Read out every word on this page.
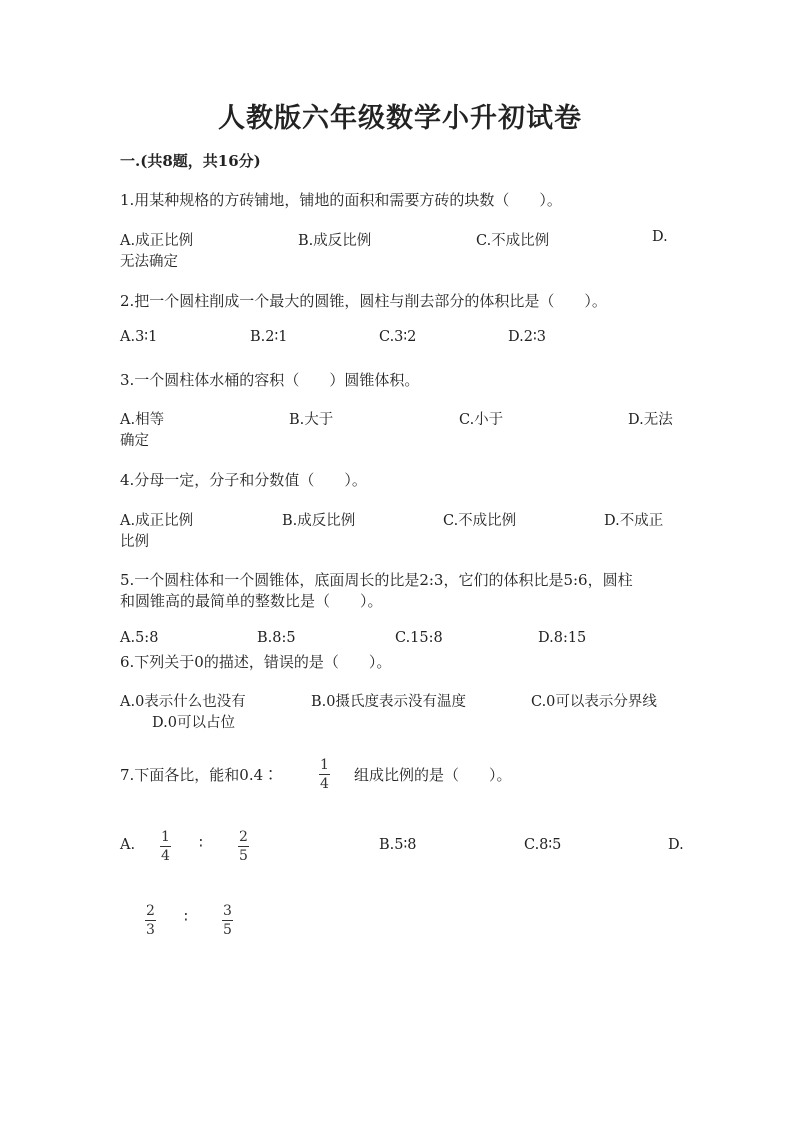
人教版六年级数学小升初试卷
一.(共8题，共16分)
1.用某种规格的方砖铺地，铺地的面积和需要方砖的块数（　　）。
A.成正比例	B.成反比例	C.不成比例	D.
无法确定
2.把一个圆柱削成一个最大的圆锥，圆柱与削去部分的体积比是（　　）。
A.3∶1	B.2∶1	C.3∶2	D.2∶3
3.一个圆柱体水桶的容积（　　）圆锥体积。
A.相等	B.大于	C.小于	D.无法
确定
4.分母一定，分子和分数值（　　）。
A.成正比例	B.成反比例	C.不成比例	D.不成正
比例
5.一个圆柱体和一个圆锥体，底面周长的比是2:3，它们的体积比是5:6，圆柱
和圆锥高的最简单的整数比是（　　）。
A.5:8	B.8:5	C.15:8	D.8:15
6.下列关于0的描述，错误的是（　　）。
A.0表示什么也没有	B.0摄氏度表示没有温度	C.0可以表示分界线
D.0可以占位
7.下面各比，能和0.4∶
1
4 组成比例的是（　　）。
A. 1
4
∶	2
5
B.5∶8	C.8∶5	D.
2
3
∶	3
5
